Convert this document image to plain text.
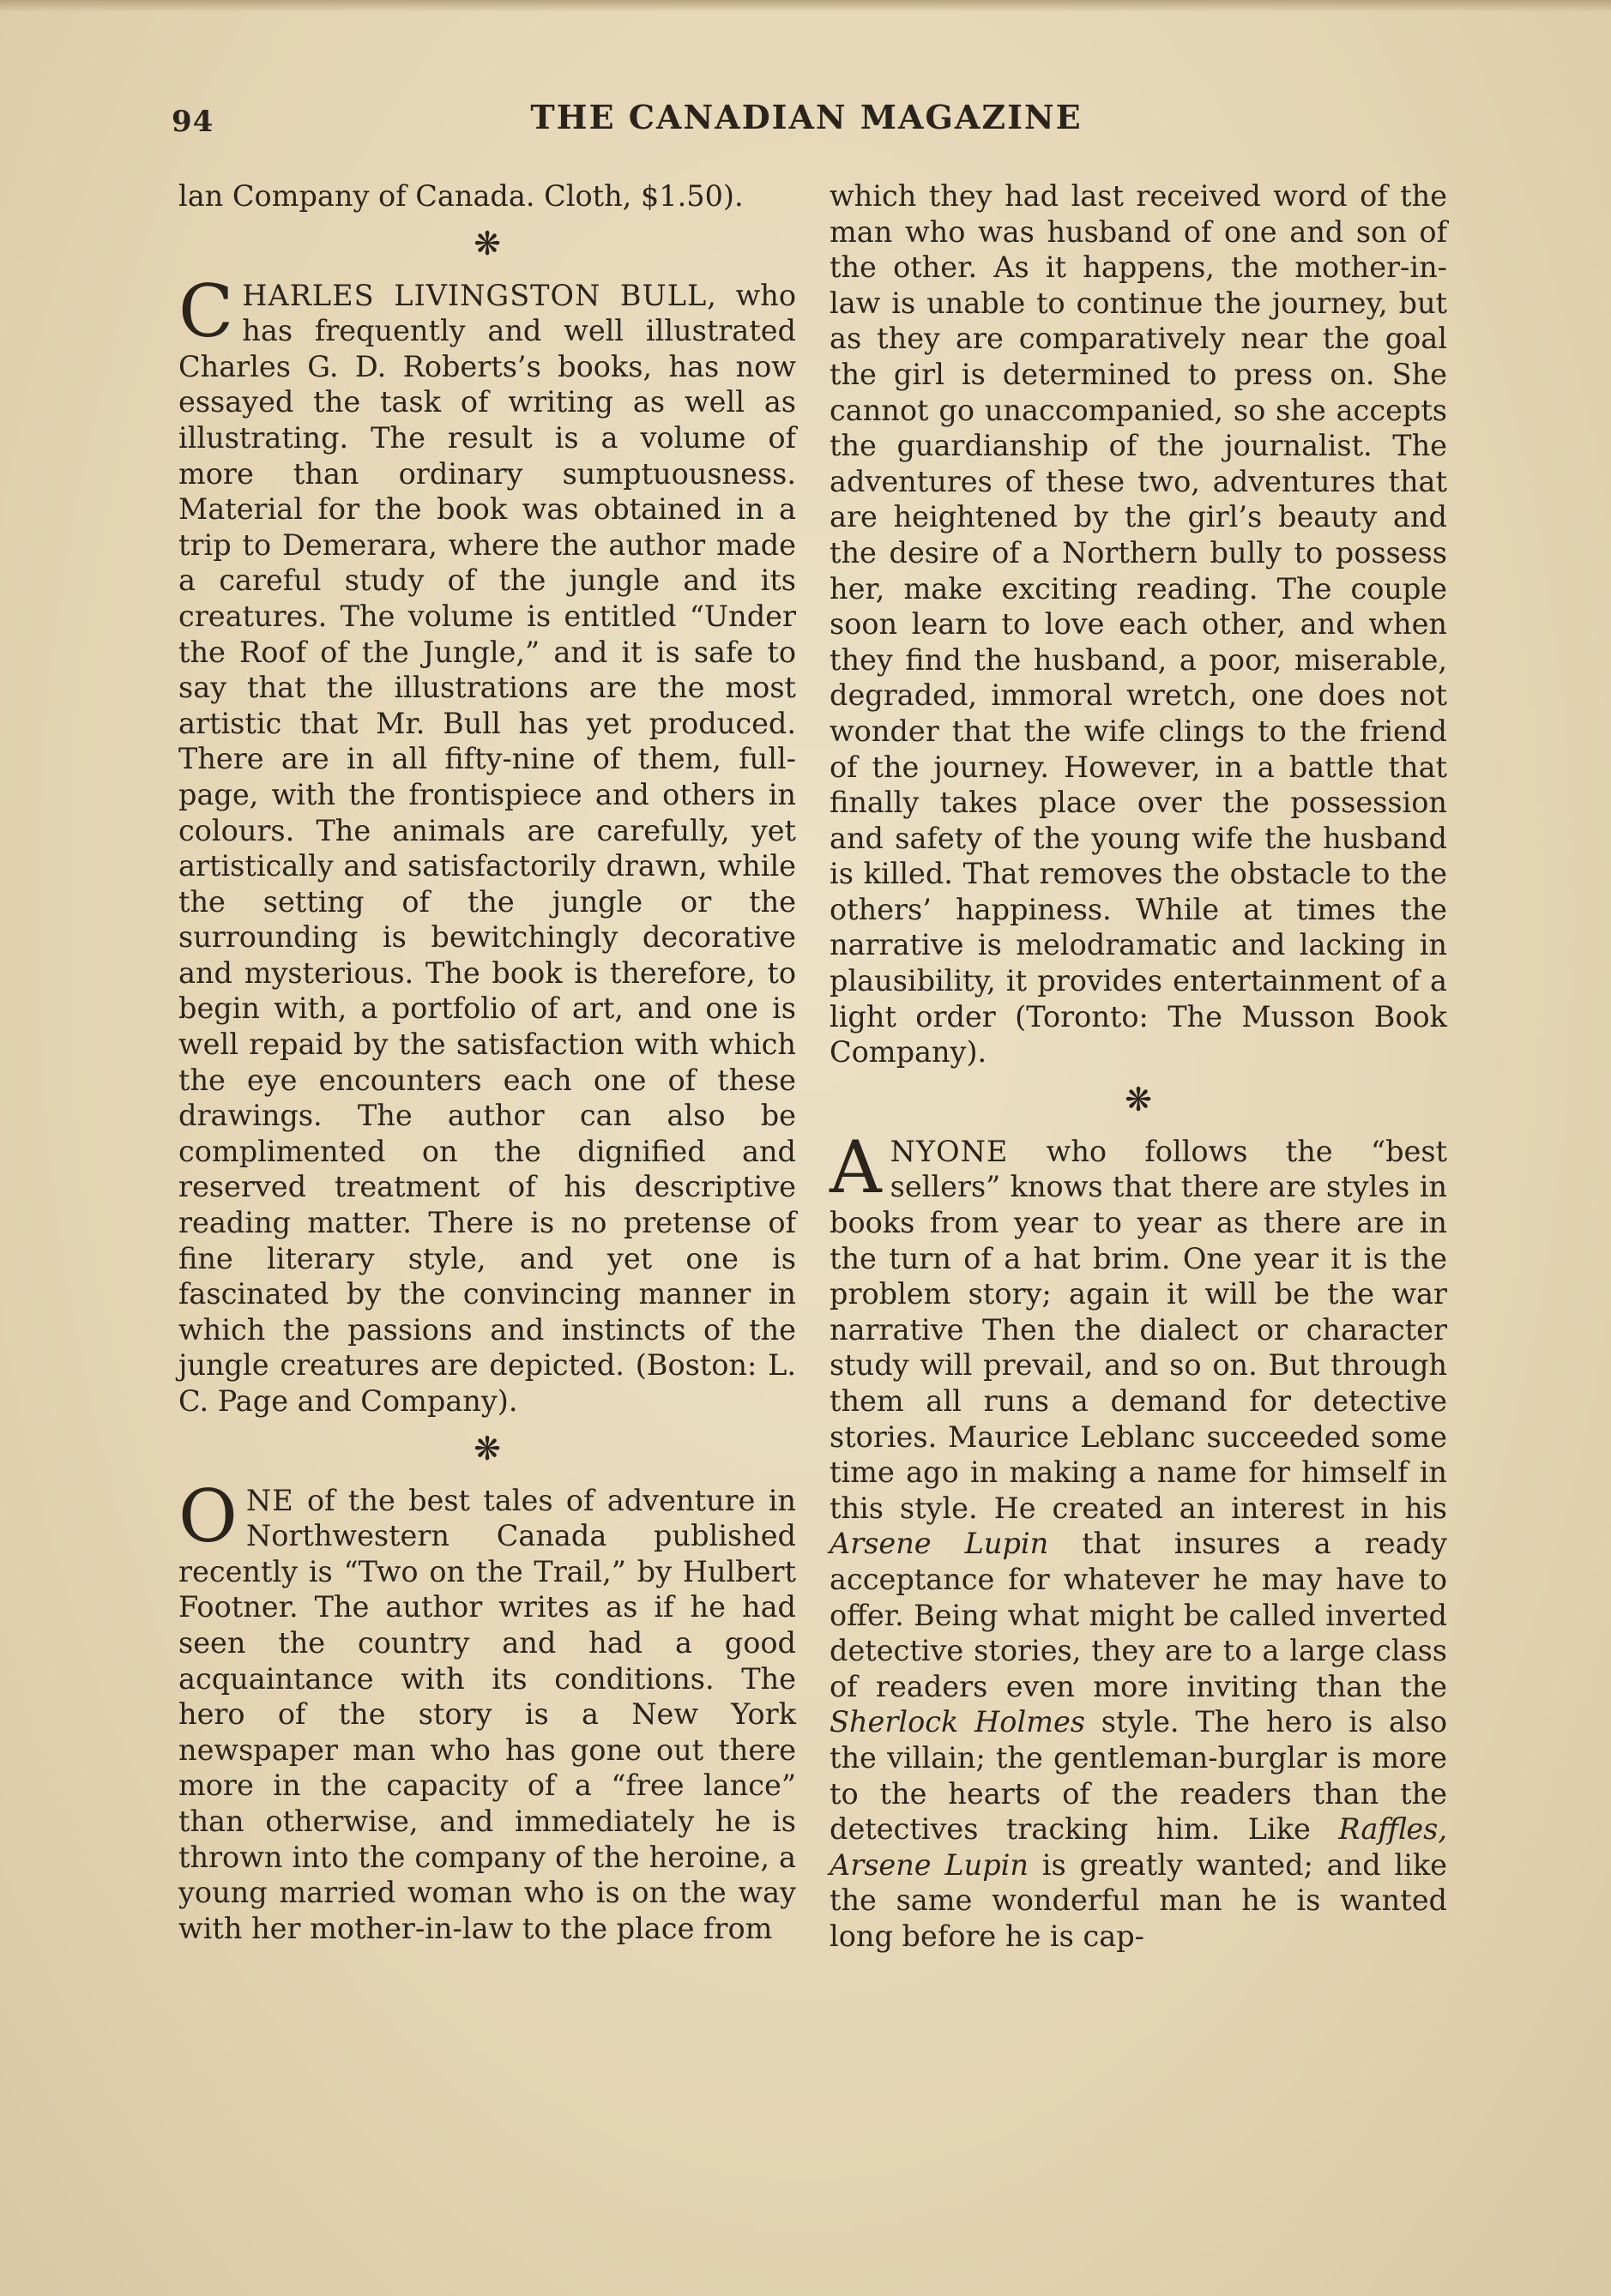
94	THE CANADIAN MAGAZINE

lan Company of Canada. Cloth, $1.50).

❋

CHARLES LIVINGSTON BULL, who has frequently and well illustrated Charles G. D. Roberts’s books, has now essayed the task of writing as well as illustrating. The result is a volume of more than ordinary sumptuousness. Material for the book was obtained in a trip to Demerara, where the author made a careful study of the jungle and its creatures. The volume is entitled “Under the Roof of the Jungle,” and it is safe to say that the illustrations are the most artistic that Mr. Bull has yet produced. There are in all fifty-nine of them, full-page, with the frontispiece and others in colours. The animals are carefully, yet artistically and satisfactorily drawn, while the setting of the jungle or the surrounding is bewitchingly decorative and mysterious. The book is therefore, to begin with, a portfolio of art, and one is well repaid by the satisfaction with which the eye encounters each one of these drawings. The author can also be complimented on the dignified and reserved treatment of his descriptive reading matter. There is no pretense of fine literary style, and yet one is fascinated by the convincing manner in which the passions and instincts of the jungle creatures are depicted. (Boston: L. C. Page and Company).

❋

ONE of the best tales of adventure in Northwestern Canada published recently is “Two on the Trail,” by Hulbert Footner. The author writes as if he had seen the country and had a good acquaintance with its conditions. The hero of the story is a New York newspaper man who has gone out there more in the capacity of a “free lance” than otherwise, and immediately he is thrown into the company of the heroine, a young married woman who is on the way with her mother-in-law to the place from

which they had last received word of the man who was husband of one and son of the other. As it happens, the mother-in-law is unable to continue the journey, but as they are comparatively near the goal the girl is determined to press on. She cannot go unaccompanied, so she accepts the guardianship of the journalist. The adventures of these two, adventures that are heightened by the girl’s beauty and the desire of a Northern bully to possess her, make exciting reading. The couple soon learn to love each other, and when they find the husband, a poor, miserable, degraded, immoral wretch, one does not wonder that the wife clings to the friend of the journey. However, in a battle that finally takes place over the possession and safety of the young wife the husband is killed. That removes the obstacle to the others’ happiness. While at times the narrative is melodramatic and lacking in plausibility, it provides entertainment of a light order (Toronto: The Musson Book Company).

❋

ANYONE who follows the “best sellers” knows that there are styles in books from year to year as there are in the turn of a hat brim. One year it is the problem story; again it will be the war narrative Then the dialect or character study will prevail, and so on. But through them all runs a demand for detective stories. Maurice Leblanc succeeded some time ago in making a name for himself in this style. He created an interest in his Arsene Lupin that insures a ready acceptance for whatever he may have to offer. Being what might be called inverted detective stories, they are to a large class of readers even more inviting than the Sherlock Holmes style. The hero is also the villain; the gentleman-burglar is more to the hearts of the readers than the detectives tracking him. Like Raffles, Arsene Lupin is greatly wanted; and like the same wonderful man he is wanted long before he is cap-
